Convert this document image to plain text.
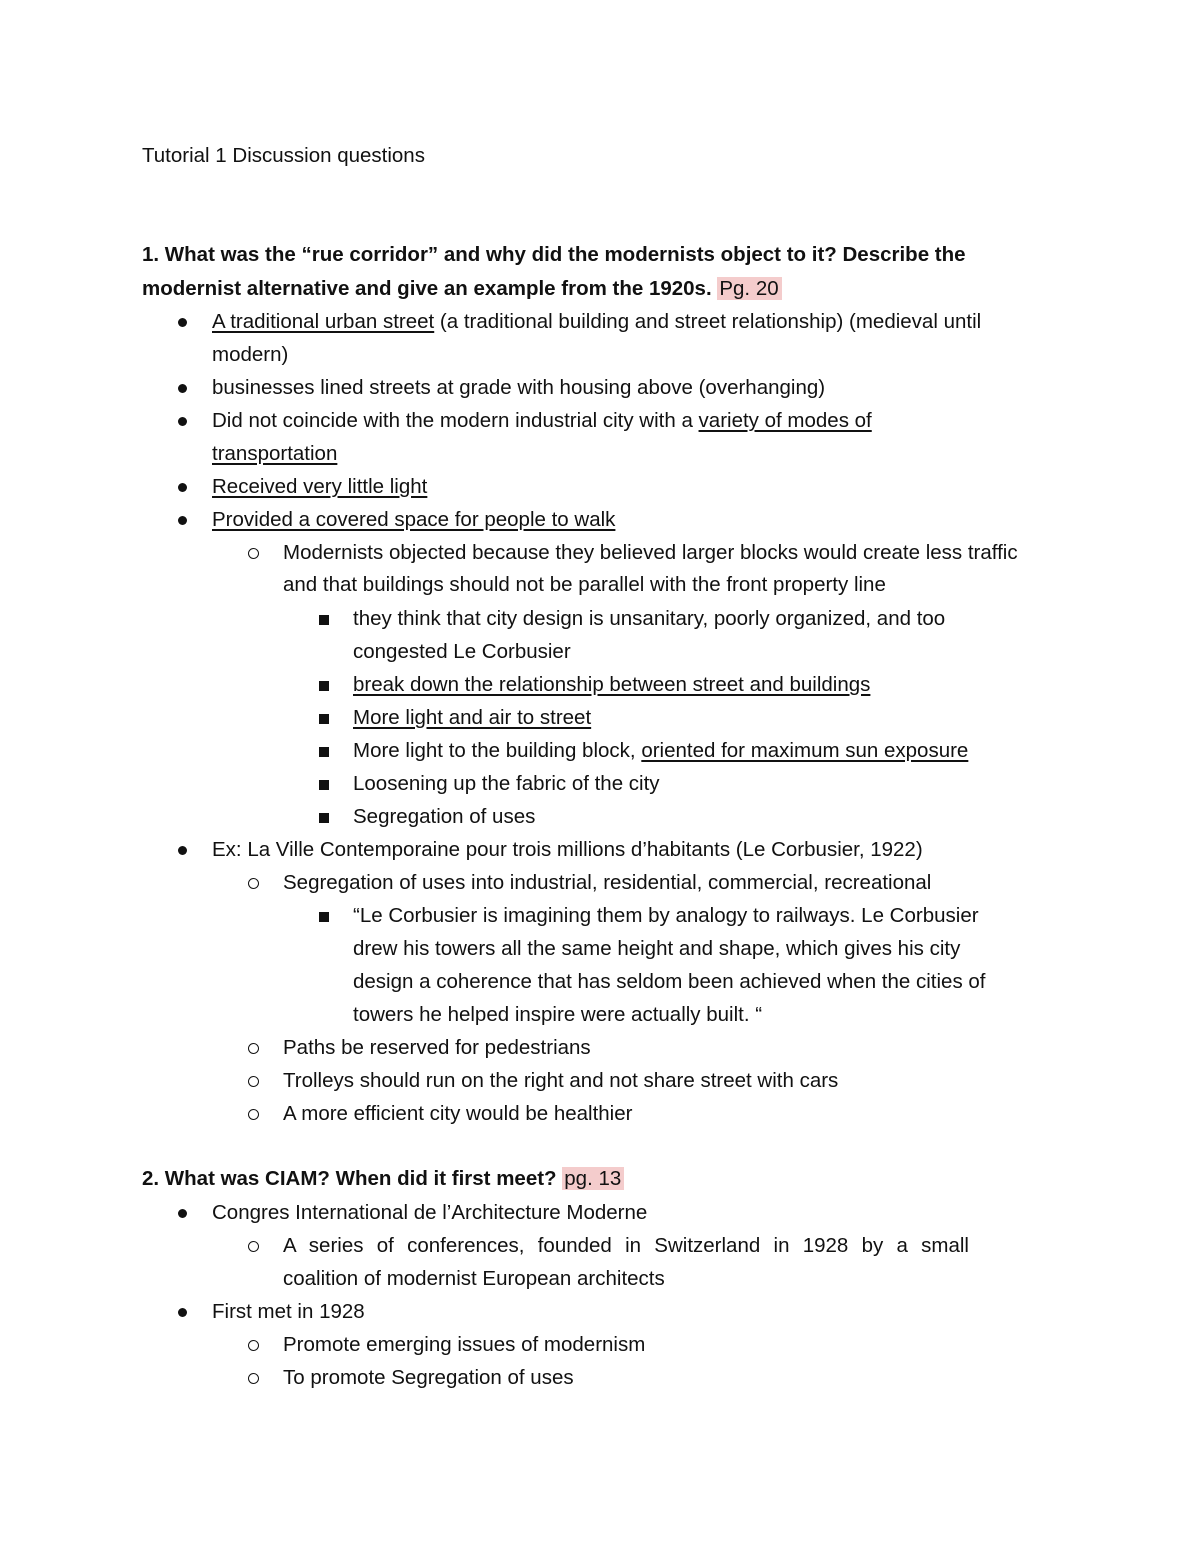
Tutorial 1 Discussion questions
1. What was the “rue corridor” and why did the modernists object to it? Describe the
modernist alternative and give an example from the 1920s. Pg. 20
A traditional urban street (a traditional building and street relationship) (medieval until
modern)
businesses lined streets at grade with housing above (overhanging)
Did not coincide with the modern industrial city with a variety of modes of
transportation
Received very little light
Provided a covered space for people to walk
Modernists objected because they believed larger blocks would create less traffic
and that buildings should not be parallel with the front property line
they think that city design is unsanitary, poorly organized, and too
congested Le Corbusier
break down the relationship between street and buildings
More light and air to street
More light to the building block, oriented for maximum sun exposure
Loosening up the fabric of the city
Segregation of uses
Ex: La Ville Contemporaine pour trois millions d’habitants (Le Corbusier, 1922)
Segregation of uses into industrial, residential, commercial, recreational
“Le Corbusier is imagining them by analogy to railways. Le Corbusier
drew his towers all the same height and shape, which gives his city
design a coherence that has seldom been achieved when the cities of
towers he helped inspire were actually built. “
Paths be reserved for pedestrians
Trolleys should run on the right and not share street with cars
A more efficient city would be healthier
2. What was CIAM? When did it first meet? pg. 13
Congres International de l’Architecture Moderne
A series of conferences, founded in Switzerland in 1928 by a small
coalition of modernist European architects
First met in 1928
Promote emerging issues of modernism
To promote Segregation of uses
